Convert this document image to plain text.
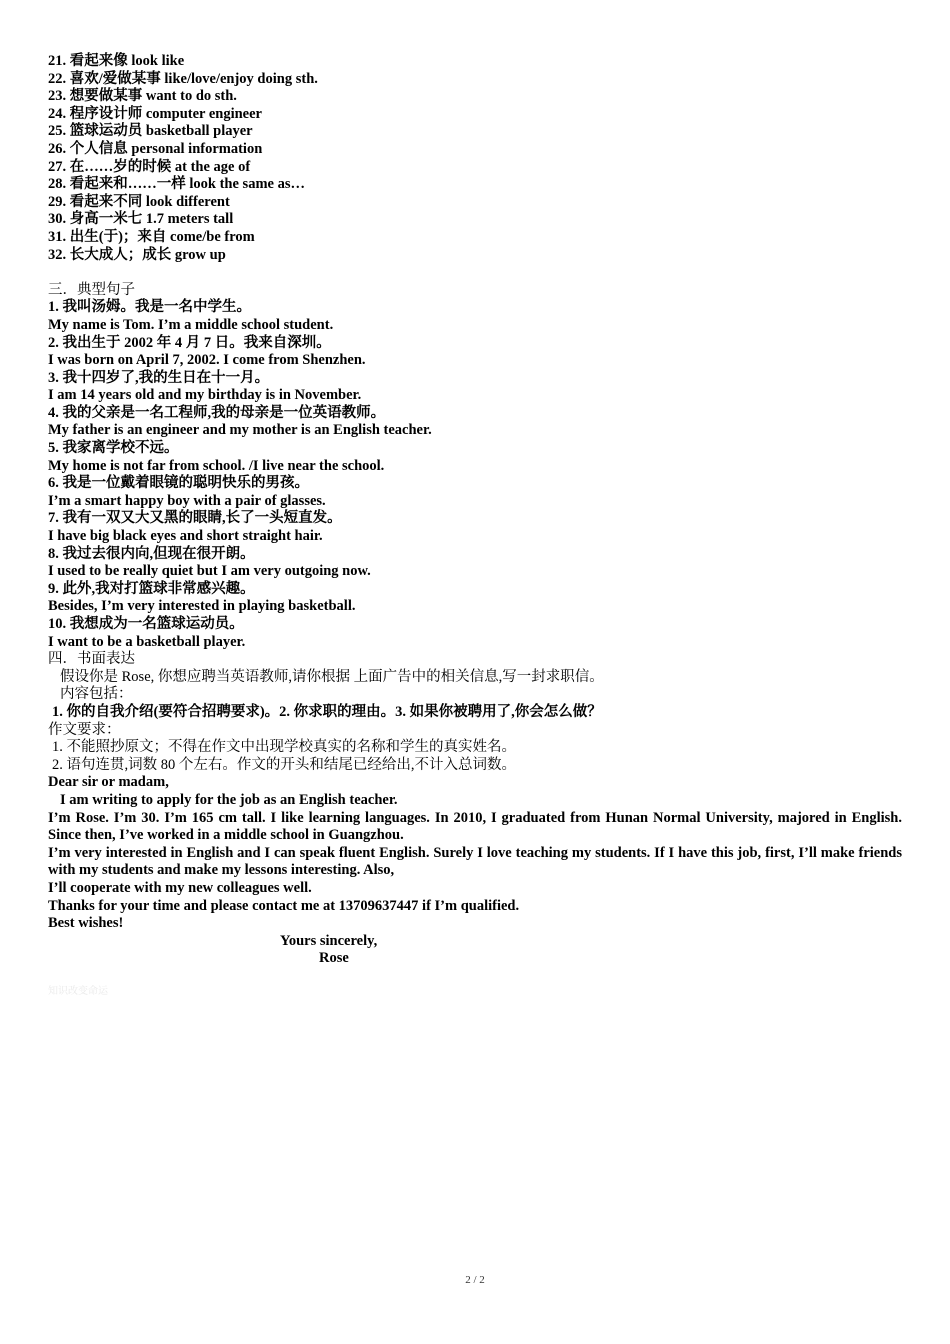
21. 看起来像 look like
22. 喜欢/爱做某事 like/love/enjoy doing sth.
23. 想要做某事 want to do sth.
24. 程序设计师 computer engineer
25. 篮球运动员 basketball player
26. 个人信息 personal information
27. 在……岁的时候 at the age of
28. 看起来和……一样 look the same as…
29. 看起来不同 look different
30. 身高一米七 1.7 meters tall
31. 出生(于)；来自 come/be from
32. 长大成人；成长 grow up
三．典型句子
1. 我叫汤姆。我是一名中学生。
My name is Tom. I’m a middle school student.
2. 我出生于 2002 年 4 月 7 日。我来自深圳。
I was born on April 7, 2002. I come from Shenzhen.
3. 我十四岁了,我的生日在十一月。
I am 14 years old and my birthday is in November.
4. 我的父亲是一名工程师,我的母亲是一位英语教师。
My father is an engineer and my mother is an English teacher.
5. 我家离学校不远。
My home is not far from school. /I live near the school.
6. 我是一位戴着眼镜的聪明快乐的男孩。
I’m a smart happy boy with a pair of glasses.
7. 我有一双又大又黑的眼睛,长了一头短直发。
I have big black eyes and short straight hair.
8. 我过去很内向,但现在很开朗。
I used to be really quiet but I am very outgoing now.
9. 此外,我对打篮球非常感兴趣。
Besides, I’m very interested in playing basketball.
10. 我想成为一名篮球运动员。
I want to be a basketball player.
四．书面表达
假设你是 Rose, 你想应聘当英语教师,请你根据 上面广告中的相关信息,写一封求职信。
内容包括：
1. 你的自我介绍(要符合招聘要求)。2. 你求职的理由。3. 如果你被聘用了,你会怎么做？
作文要求：
1. 不能照抄原文；不得在作文中出现学校真实的名称和学生的真实姓名。
2. 语句连贯,词数 80 个左右。作文的开头和结尾已经给出,不计入总词数。
Dear sir or madam,
I am writing to apply for the job as an English teacher.
I’m Rose. I’m 30. I’m 165 cm tall. I like learning languages. In 2010, I graduated from Hunan Normal University, majored in English. Since then, I’ve worked in a middle school in Guangzhou.
I’m very interested in English and I can speak fluent English. Surely I love teaching my students. If I have this job, first, I’ll make friends with my students and make my lessons interesting. Also,
I’ll cooperate with my new colleagues well.
Thanks for your time and please contact me at 13709637447 if I’m qualified.
Best wishes!
Yours sincerely,
Rose
知识改变命运
2 / 2
